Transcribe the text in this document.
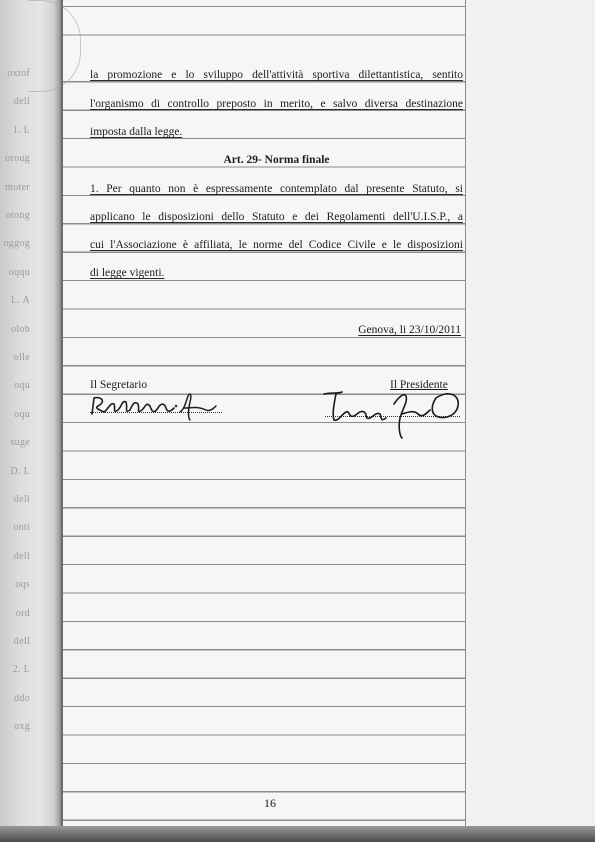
oxtof
dell
1. L
oroug
moter
otong
oggog
oqqu
L. A
olob
olle
oqu
oqu
suge
D. L
dell
onti
dell
oqs
ord
dell
2. L
ddo
oxg
la promozione e lo sviluppo dell'attività sportiva dilettantistica, sentito
l'organismo di controllo preposto in merito, e salvo diversa destinazione
imposta dalla legge.
Art. 29- Norma finale
1. Per quanto non è espressamente contemplato dal presente Statuto, si
applicano le disposizioni dello Statuto e dei Regolamenti dell'U.I.S.P., a
cui l'Associazione è affiliata, le norme del Codice Civile e le disposizioni
di legge vigenti.
Genova, li 23/10/2011
Il Segretario	Il Presidente
16
